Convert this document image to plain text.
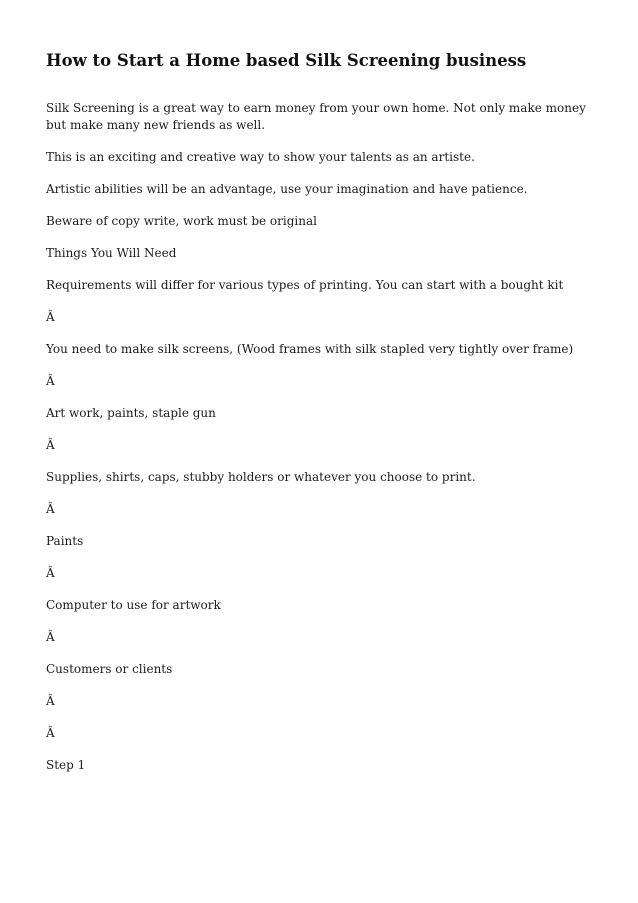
How to Start a Home based Silk Screening business

Silk Screening is a great way to earn money from your own home. Not only make money but make many new friends as well.

This is an exciting and creative way to show your talents as an artiste.

Artistic abilities will be an advantage, use your imagination and have patience.

Beware of copy write, work must be original

Things You Will Need

Requirements will differ for various types of printing. You can start with a bought kit

Â

You need to make silk screens, (Wood frames with silk stapled very tightly over frame)

Â

Art work, paints, staple gun

Â

Supplies, shirts, caps, stubby holders or whatever you choose to print.

Â

Paints

Â

Computer to use for artwork

Â

Customers or clients

Â

Â

Step 1
